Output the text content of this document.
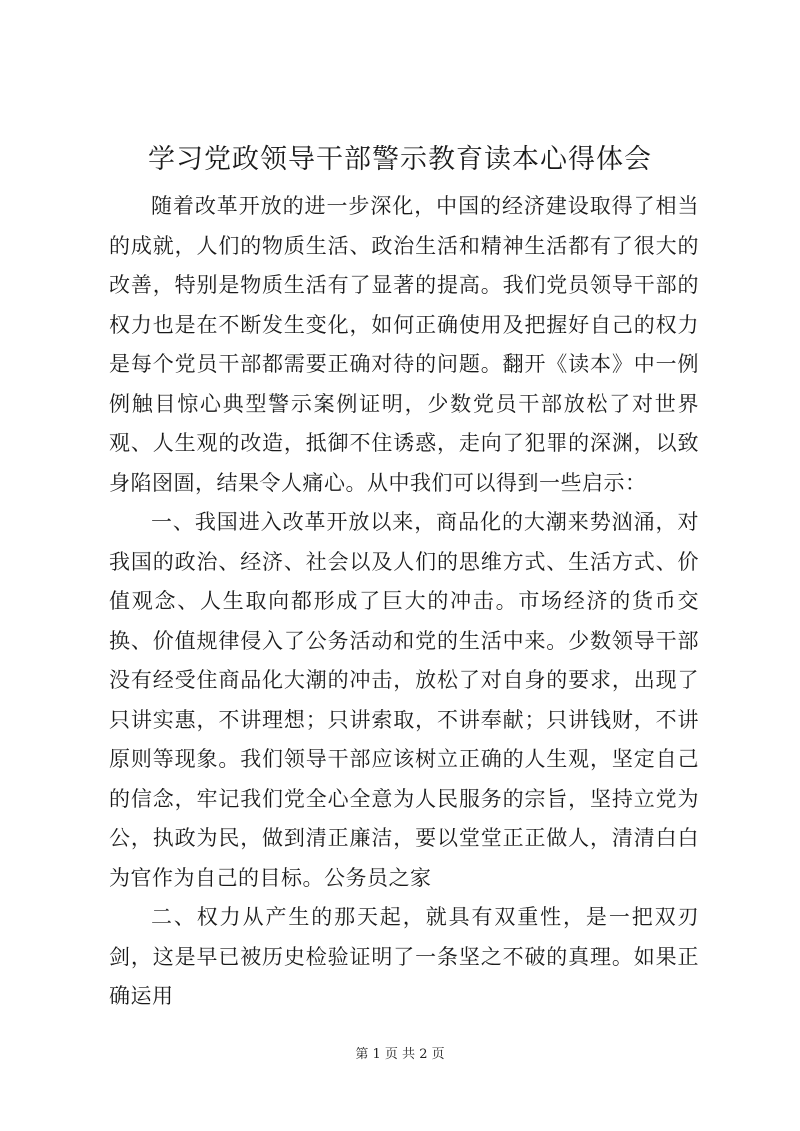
学习党政领导干部警示教育读本心得体会

随着改革开放的进一步深化，中国的经济建设取得了相当的成就，人们的物质生活、政治生活和精神生活都有了很大的改善，特别是物质生活有了显著的提高。我们党员领导干部的权力也是在不断发生变化，如何正确使用及把握好自己的权力是每个党员干部都需要正确对待的问题。翻开《读本》中一例例触目惊心典型警示案例证明，少数党员干部放松了对世界观、人生观的改造，抵御不住诱惑，走向了犯罪的深渊，以致身陷囹圄，结果令人痛心。从中我们可以得到一些启示：

一、我国进入改革开放以来，商品化的大潮来势汹涌，对我国的政治、经济、社会以及人们的思维方式、生活方式、价值观念、人生取向都形成了巨大的冲击。市场经济的货币交换、价值规律侵入了公务活动和党的生活中来。少数领导干部没有经受住商品化大潮的冲击，放松了对自身的要求，出现了只讲实惠，不讲理想；只讲索取，不讲奉献；只讲钱财，不讲原则等现象。我们领导干部应该树立正确的人生观，坚定自己的信念，牢记我们党全心全意为人民服务的宗旨，坚持立党为公，执政为民，做到清正廉洁，要以堂堂正正做人，清清白白为官作为自己的目标。公务员之家

二、权力从产生的那天起，就具有双重性，是一把双刃剑，这是早已被历史检验证明了一条坚之不破的真理。如果正确运用

第 1 页 共 2 页
